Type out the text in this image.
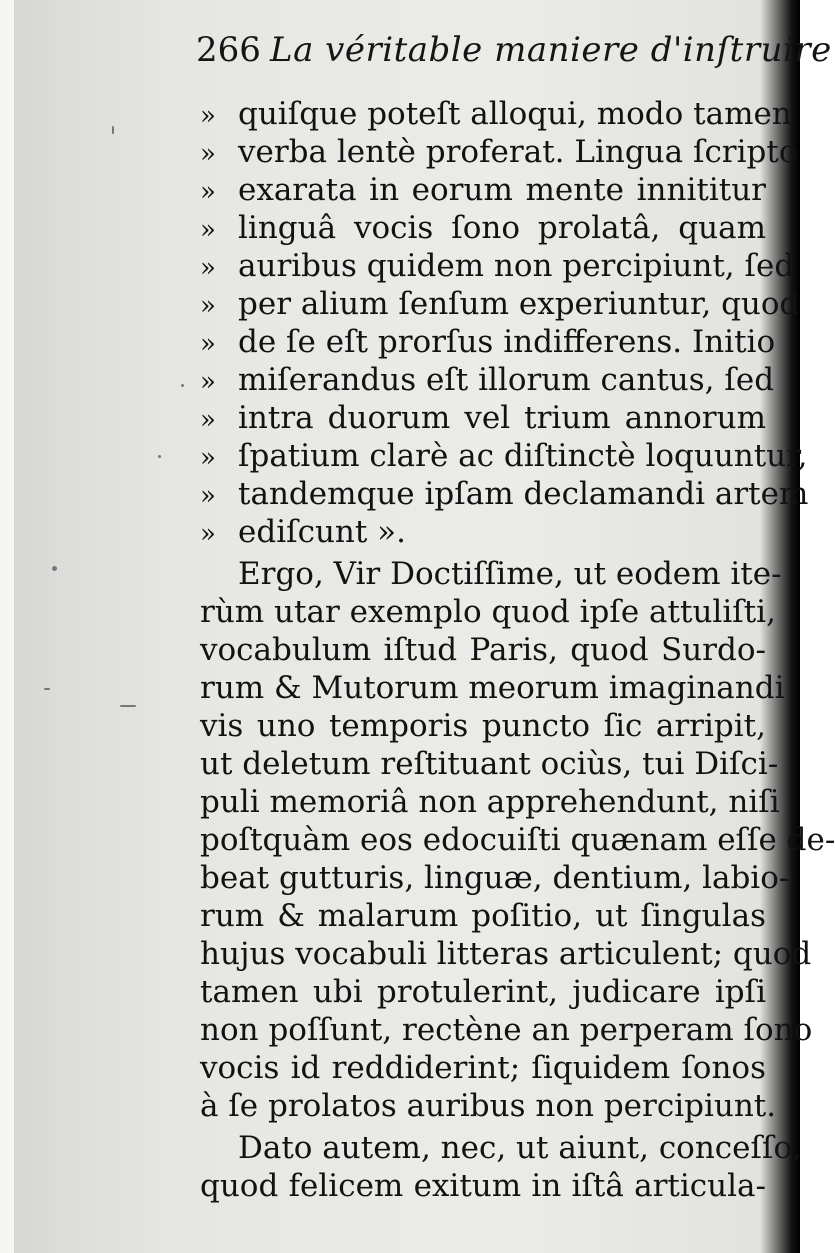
266 La véritable maniere d'inſtruire
» quiſque poteſt alloqui, modo tamen
» verba lentè proferat. Lingua ſcripto
» exarata in eorum mente innititur
» linguâ vocis ſono prolatâ, quam
» auribus quidem non percipiunt, ſed
» per alium ſenſum experiuntur, quod
» de ſe eſt prorſus indifferens. Initio
» miſerandus eſt illorum cantus, ſed
» intra duorum vel trium annorum
» ſpatium clarè ac diſtinctè loquuntur,
» tandemque ipſam declamandi artem
» ediſcunt ».
Ergo, Vir Doctiſſime, ut eodem ite-
rùm utar exemplo quod ipſe attuliſti,
vocabulum iſtud Paris, quod Surdo-
rum & Mutorum meorum imaginandi
vis uno temporis puncto ſic arripit,
ut deletum reſtituant ociùs, tui Diſci-
puli memoriâ non apprehendunt, niſi
poſtquàm eos edocuiſti quænam eſſe de-
beat gutturis, linguæ, dentium, labio-
rum & malarum poſitio, ut ſingulas
hujus vocabuli litteras articulent; quod
tamen ubi protulerint, judicare ipſi
non poſſunt, rectène an perperam ſono
vocis id reddiderint; ſiquidem ſonos
à ſe prolatos auribus non percipiunt.
Dato autem, nec, ut aiunt, conceſſo,
quod felicem exitum in iſtâ articula-
